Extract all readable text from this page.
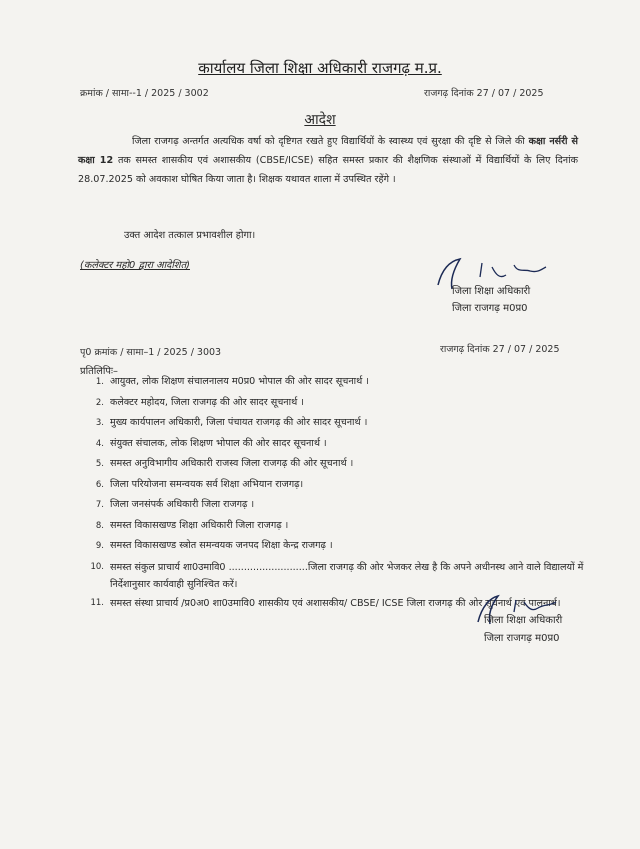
कार्यालय जिला शिक्षा अधिकारी राजगढ़ म.प्र.
क्रमांक / सामा--1 / 2025 / 3002	राजगढ़ दिनांक 27 / 07 / 2025
आदेश
जिला राजगढ़ अन्तर्गत अत्यधिक वर्षा को दृष्टिगत रखते हुए विद्यार्थियों के स्वास्थ्य एवं सुरक्षा की दृष्टि से जिले की कक्षा नर्सरी से कक्षा 12 तक समस्त शासकीय एवं अशासकीय (CBSE/ICSE) सहित समस्त प्रकार की शैक्षणिक संस्थाओं में विद्यार्थियों के लिए दिनांक 28.07.2025 को अवकाश घोषित किया जाता है। शिक्षक यथावत शाला में उपस्थित रहेंगे ।
उक्त आदेश तत्काल प्रभावशील होगा।
(कलेक्टर महो0 द्वारा आदेशित)
जिला शिक्षा अधिकारी
जिला राजगढ़ म0प्र0
पृ0 क्रमांक / सामा–1 / 2025 / 3003	राजगढ़ दिनांक 27 / 07 / 2025
प्रतिलिपिः–
1. आयुक्त, लोक शिक्षण संचालनालय म0प्र0 भोपाल की ओर सादर सूचनार्थ ।
2. कलेक्टर महोदय, जिला राजगढ़ की ओर सादर सूचनार्थ ।
3. मुख्य कार्यपालन अधिकारी, जिला पंचायत राजगढ़ की ओर सादर सूचनार्थ ।
4. संयुक्त संचालक, लोक शिक्षण भोपाल की ओर सादर सूचनार्थ ।
5. समस्त अनुविभागीय अधिकारी राजस्व जिला राजगढ़ की ओर सूचनार्थ ।
6. जिला परियोजना समन्वयक सर्व शिक्षा अभियान राजगढ़।
7. जिला जनसंपर्क अधिकारी जिला राजगढ़ ।
8. समस्त विकासखण्ड शिक्षा अधिकारी जिला राजगढ़ ।
9. समस्त विकासखण्ड स्त्रोत समन्वयक जनपद शिक्षा केन्द्र राजगढ़ ।
10. समस्त संकुल प्राचार्य शा0उमावि0 ..........................जिला राजगढ़ की ओर भेजकर लेख है कि अपने अधीनस्थ आने वाले विद्यालयों में निर्देशानुसार कार्यवाही सुनिश्चित करें।
11. समस्त संस्था प्राचार्य /प्र0अ0 शा0उमावि0 शासकीय एवं अशासकीय/ CBSE/ ICSE जिला राजगढ़ की ओर सूचनार्थ एवं पालनार्थ।
जिला शिक्षा अधिकारी
जिला राजगढ़ म0प्र0
